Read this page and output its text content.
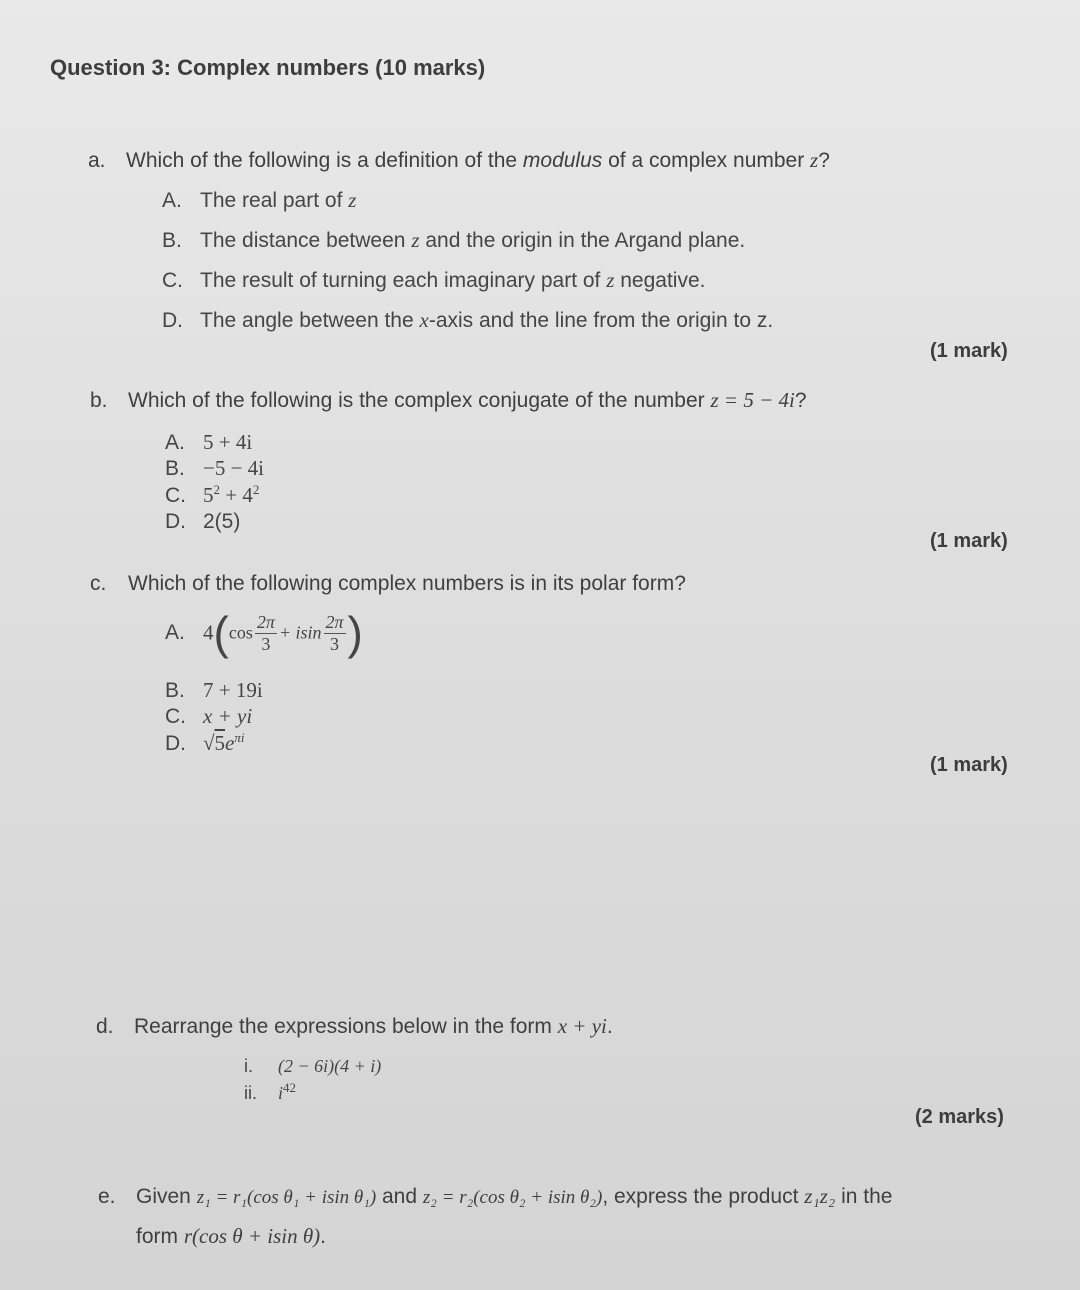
Question 3: Complex numbers (10 marks)
a. Which of the following is a definition of the modulus of a complex number z?
A. The real part of z
B. The distance between z and the origin in the Argand plane.
C. The result of turning each imaginary part of z negative.
D. The angle between the x-axis and the line from the origin to z.
(1 mark)
b. Which of the following is the complex conjugate of the number z = 5 − 4i?
A. 5 + 4i
B. −5 − 4i
C. $5^2 + 4^2$
D. 2(5)
(1 mark)
c. Which of the following complex numbers is in its polar form?
A. $4(\cos \frac{2\pi}{3} + isin \frac{2\pi}{3}$ )
B. 7 + 19i
C. x + yi
D. $√5e^{\pi i}$
(1 mark)
d. Rearrange the expressions below in the form x + yi.
i. (2 − 6i)(4 + i)
ii. $i^{42}$
(2 marks)
e. Given z₁ = r₁(cos θ₁ + isin θ₁) and z₂ = r₂(cos θ₂ + isin θ₂), express the product z₁z₂ in the
form r(cos θ + isin θ).
